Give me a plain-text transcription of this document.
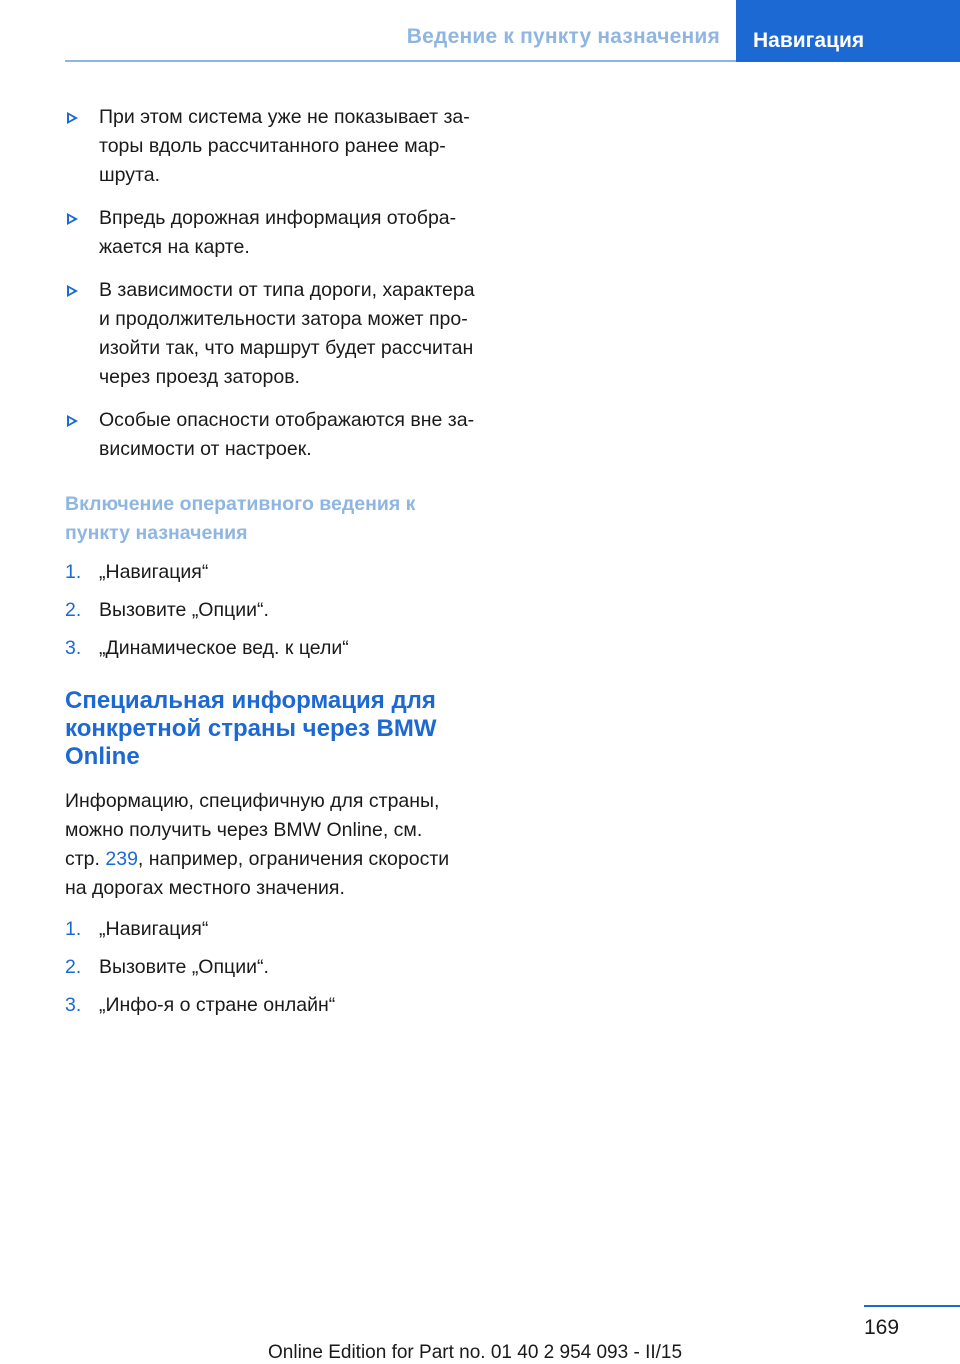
Ведение к пункту назначения	Навигация
При этом система уже не показывает за-
торы вдоль рассчитанного ранее мар-
шрута.
Впредь дорожная информация отобра-
жается на карте.
В зависимости от типа дороги, характера
и продолжительности затора может про-
изойти так, что маршрут будет рассчитан
через проезд заторов.
Особые опасности отображаются вне за-
висимости от настроек.
Включение оперативного ведения к
пункту назначения
1. „Навигация“
2. Вызовите „Опции“.
3. „Динамическое вед. к цели“
Специальная информация для
конкретной страны через BMW
Online

Информацию, специфичную для страны,
можно получить через BMW Online, см.
стр. 239, например, ограничения скорости
на дорогах местного значения.

1. „Навигация“
2. Вызовите „Опции“.
3. „Инфо-я о стране онлайн“
169
Online Edition for Part no. 01 40 2 954 093 - II/15
